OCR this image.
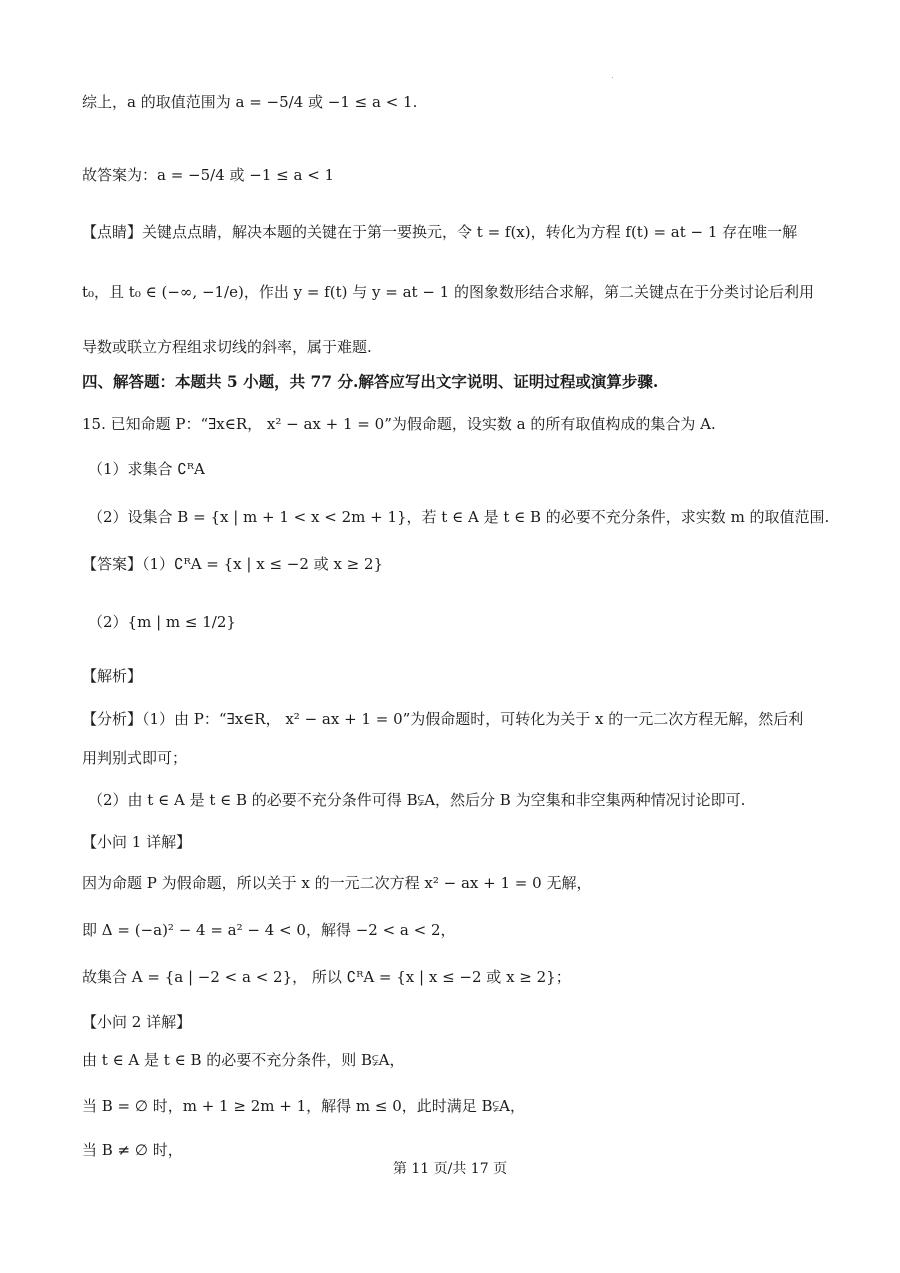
综上，a 的取值范围为 a = −5/4 或 −1 ≤ a < 1.
故答案为：a = −5/4 或 −1 ≤ a < 1
【点睛】关键点点睛，解决本题的关键在于第一要换元，令 t = f(x)，转化为方程 f(t) = at − 1 存在唯一解
t₀，且 t₀ ∈ (−∞, −1/e)，作出 y = f(t) 与 y = at − 1 的图象数形结合求解，第二关键点在于分类讨论后利用
导数或联立方程组求切线的斜率，属于难题.
四、解答题：本题共 5 小题，共 77 分.解答应写出文字说明、证明过程或演算步骤.
15. 已知命题 P：“∃x∈R， x² − ax + 1 = 0”为假命题，设实数 a 的所有取值构成的集合为 A.
（1）求集合 ∁ᴿA
（2）设集合 B = {x | m + 1 < x < 2m + 1}，若 t ∈ A 是 t ∈ B 的必要不充分条件，求实数 m 的取值范围.
【答案】（1）∁ᴿA = {x | x ≤ −2 或 x ≥ 2}
（2）{m | m ≤ 1/2}
【解析】
【分析】（1）由 P：“∃x∈R， x² − ax + 1 = 0”为假命题时，可转化为关于 x 的一元二次方程无解，然后利
用判别式即可；
（2）由 t ∈ A 是 t ∈ B 的必要不充分条件可得 B⫋A，然后分 B 为空集和非空集两种情况讨论即可.
【小问 1 详解】
因为命题 P 为假命题，所以关于 x 的一元二次方程 x² − ax + 1 = 0 无解，
即 Δ = (−a)² − 4 = a² − 4 < 0，解得 −2 < a < 2，
故集合 A = {a | −2 < a < 2}， 所以 ∁ᴿA = {x | x ≤ −2 或 x ≥ 2}；
【小问 2 详解】
由 t ∈ A 是 t ∈ B 的必要不充分条件，则 B⫋A，
当 B = ∅ 时，m + 1 ≥ 2m + 1，解得 m ≤ 0，此时满足 B⫋A，
当 B ≠ ∅ 时，
第 11 页/共 17 页
